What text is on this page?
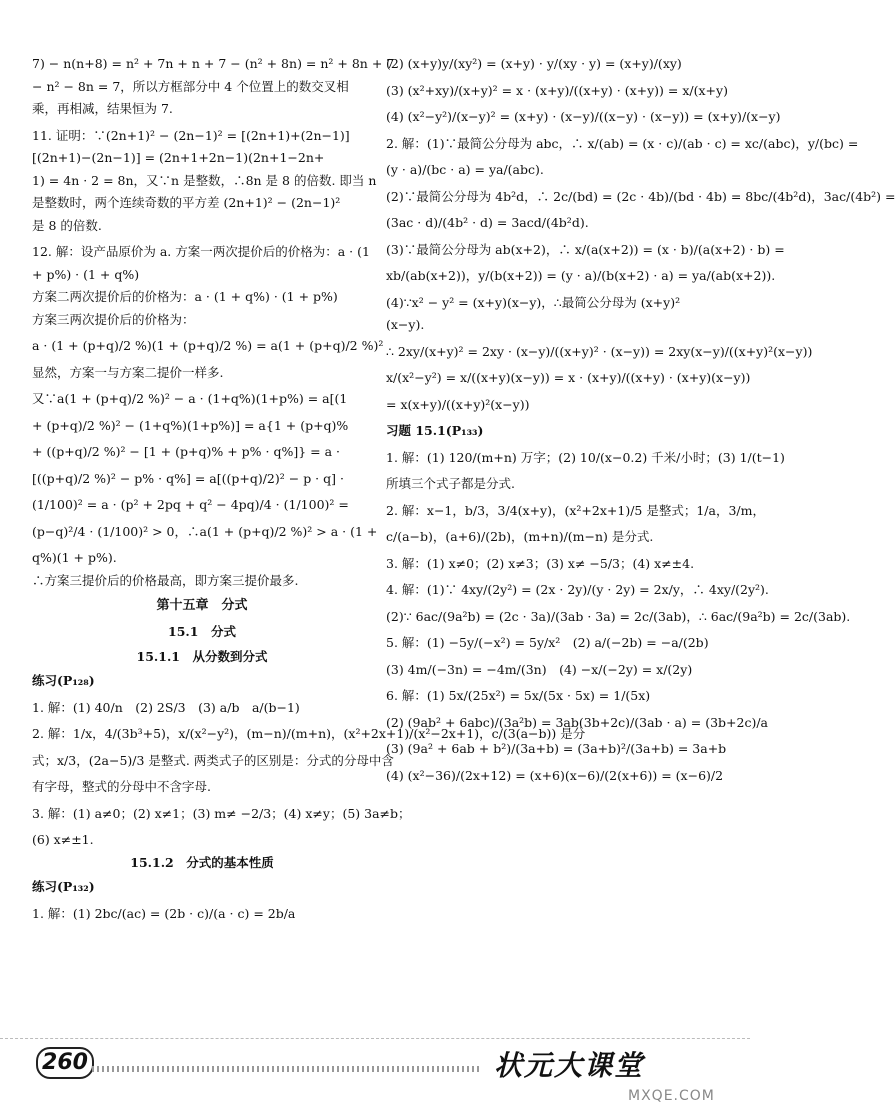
7) − n(n+8) = n² + 7n + n + 7 − (n² + 8n) = n² + 8n + 7
− n² − 8n = 7，所以方框部分中 4 个位置上的数交叉相
乘，再相减，结果恒为 7.
11. 证明：∵(2n+1)² − (2n−1)² = [(2n+1)+(2n−1)]
[(2n+1)−(2n−1)] = (2n+1+2n−1)(2n+1−2n+
1) = 4n · 2 = 8n，又∵n 是整数，∴8n 是 8 的倍数. 即当 n
是整数时，两个连续奇数的平方差 (2n+1)² − (2n−1)²
是 8 的倍数.
12. 解：设产品原价为 a. 方案一两次提价后的价格为：a · (1
+ p%) · (1 + q%)
方案二两次提价后的价格为：a · (1 + q%) · (1 + p%)
方案三两次提价后的价格为：
a · (1 + (p+q)/2 %)(1 + (p+q)/2 %) = a(1 + (p+q)/2 %)²
显然，方案一与方案二提价一样多.
又∵a(1 + (p+q)/2 %)² − a · (1+q%)(1+p%) = a[(1
+ (p+q)/2 %)² − (1+q%)(1+p%)] = a{1 + (p+q)%
+ ((p+q)/2 %)² − [1 + (p+q)% + p% · q%]} = a ·
[((p+q)/2 %)² − p% · q%] = a[((p+q)/2)² − p · q] ·
(1/100)² = a · (p² + 2pq + q² − 4pq)/4 · (1/100)² =
(p−q)²/4 · (1/100)² > 0，∴a(1 + (p+q)/2 %)² > a · (1 +
q%)(1 + p%).
∴方案三提价后的价格最高，即方案三提价最多.
第十五章　分式
15.1　分式
15.1.1　从分数到分式
练习(P₁₂₈)
1. 解：(1) 40/n　(2) 2S/3　(3) a/b　a/(b−1)
2. 解：1/x，4/(3b³+5)，x/(x²−y²)，(m−n)/(m+n)，(x²+2x+1)/(x²−2x+1)，c/(3(a−b)) 是分
式；x/3，(2a−5)/3 是整式. 两类式子的区别是：分式的分母中含
有字母，整式的分母中不含字母.
3. 解：(1) a≠0；(2) x≠1；(3) m≠ −2/3；(4) x≠y；(5) 3a≠b；
(6) x≠±1.
15.1.2　分式的基本性质
练习(P₁₃₂)
1. 解：(1) 2bc/(ac) = (2b · c)/(a · c) = 2b/a
(2) (x+y)y/(xy²) = (x+y) · y/(xy · y) = (x+y)/(xy)
(3) (x²+xy)/(x+y)² = x · (x+y)/((x+y) · (x+y)) = x/(x+y)
(4) (x²−y²)/(x−y)² = (x+y) · (x−y)/((x−y) · (x−y)) = (x+y)/(x−y)
2. 解：(1)∵最简公分母为 abc，∴ x/(ab) = (x · c)/(ab · c) = xc/(abc)，y/(bc) =
(y · a)/(bc · a) = ya/(abc).
(2)∵最简公分母为 4b²d，∴ 2c/(bd) = (2c · 4b)/(bd · 4b) = 8bc/(4b²d)，3ac/(4b²) =
(3ac · d)/(4b² · d) = 3acd/(4b²d).
(3)∵最简公分母为 ab(x+2)，∴ x/(a(x+2)) = (x · b)/(a(x+2) · b) =
xb/(ab(x+2))，y/(b(x+2)) = (y · a)/(b(x+2) · a) = ya/(ab(x+2)).
(4)∵x² − y² = (x+y)(x−y)，∴最简公分母为 (x+y)²
(x−y).
∴ 2xy/(x+y)² = 2xy · (x−y)/((x+y)² · (x−y)) = 2xy(x−y)/((x+y)²(x−y))
x/(x²−y²) = x/((x+y)(x−y)) = x · (x+y)/((x+y) · (x+y)(x−y))
= x(x+y)/((x+y)²(x−y))
习题 15.1(P₁₃₃)
1. 解：(1) 120/(m+n) 万字；(2) 10/(x−0.2) 千米/小时；(3) 1/(t−1)
所填三个式子都是分式.
2. 解：x−1，b/3，3/4(x+y)，(x²+2x+1)/5 是整式；1/a，3/m，
c/(a−b)，(a+6)/(2b)，(m+n)/(m−n) 是分式.
3. 解：(1) x≠0；(2) x≠3；(3) x≠ −5/3；(4) x≠±4.
4. 解：(1)∵ 4xy/(2y²) = (2x · 2y)/(y · 2y) = 2x/y，∴ 4xy/(2y²).
(2)∵ 6ac/(9a²b) = (2c · 3a)/(3ab · 3a) = 2c/(3ab)，∴ 6ac/(9a²b) = 2c/(3ab).
5. 解：(1) −5y/(−x²) = 5y/x²　(2) a/(−2b) = −a/(2b)
(3) 4m/(−3n) = −4m/(3n)　(4) −x/(−2y) = x/(2y)
6. 解：(1) 5x/(25x²) = 5x/(5x · 5x) = 1/(5x)
(2) (9ab² + 6abc)/(3a²b) = 3ab(3b+2c)/(3ab · a) = (3b+2c)/a
(3) (9a² + 6ab + b²)/(3a+b) = (3a+b)²/(3a+b) = 3a+b
(4) (x²−36)/(2x+12) = (x+6)(x−6)/(2(x+6)) = (x−6)/2
260	状元大课堂
MXQE.COM
